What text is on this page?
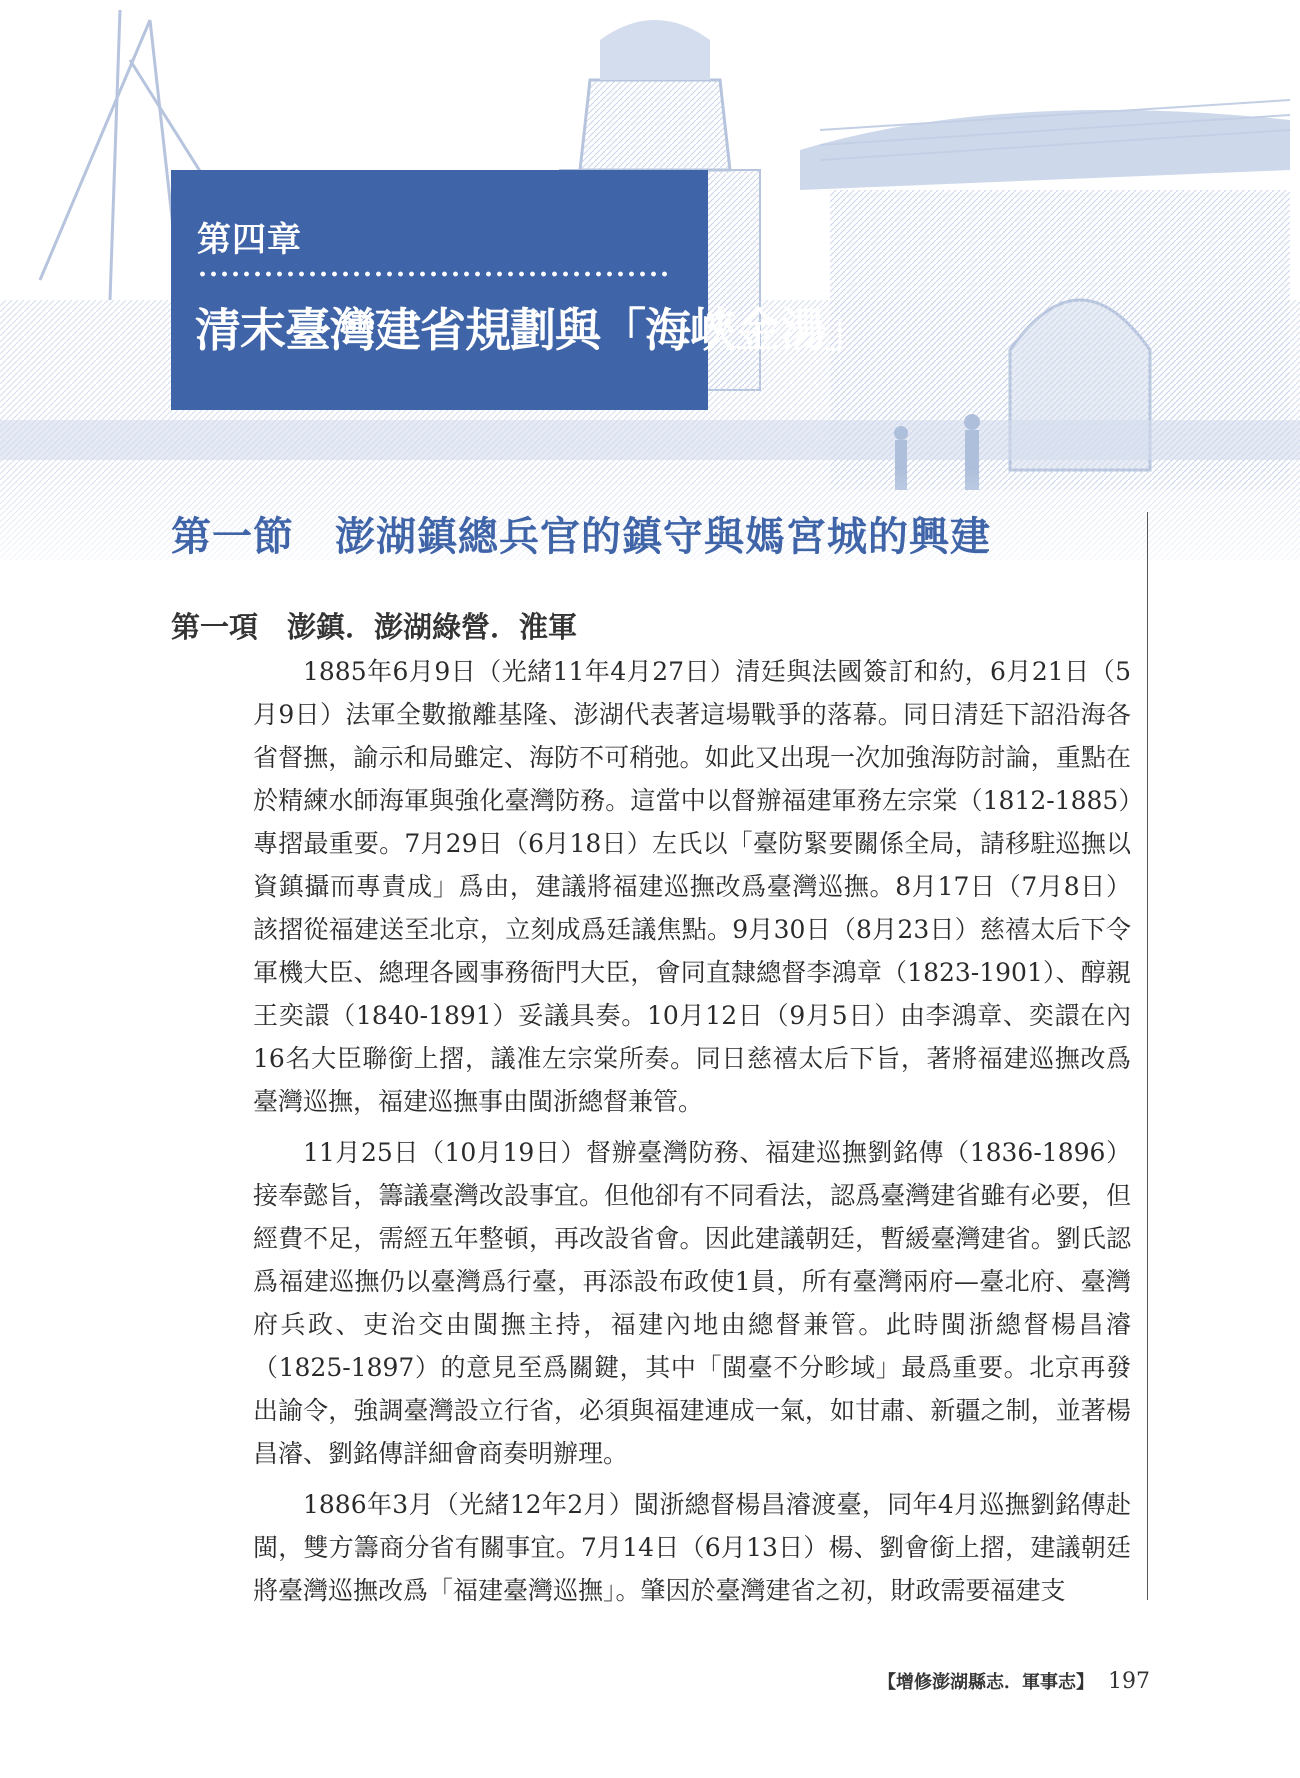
第四章
清末臺灣建省規劃與「海峽金湯」
第一節　澎湖鎮總兵官的鎮守與媽宮城的興建
第一項　澎鎮．澎湖綠營．淮軍

1885年6月9日（光緒11年4月27日）清廷與法國簽訂和約，6月21日（5月9日）法軍全數撤離基隆、澎湖代表著這場戰爭的落幕。同日清廷下詔沿海各省督撫，諭示和局雖定、海防不可稍弛。如此又出現一次加強海防討論，重點在於精練水師海軍與強化臺灣防務。這當中以督辦福建軍務左宗棠（1812-1885）專摺最重要。7月29日（6月18日）左氏以「臺防緊要關係全局，請移駐巡撫以資鎮攝而專責成」爲由，建議將福建巡撫改爲臺灣巡撫。8月17日（7月8日）該摺從福建送至北京，立刻成爲廷議焦點。9月30日（8月23日）慈禧太后下令軍機大臣、總理各國事務衙門大臣，會同直隸總督李鴻章（1823-1901）、醇親王奕譞（1840-1891）妥議具奏。10月12日（9月5日）由李鴻章、奕譞在內16名大臣聯銜上摺，議准左宗棠所奏。同日慈禧太后下旨，著將福建巡撫改爲臺灣巡撫，福建巡撫事由閩浙總督兼管。

11月25日（10月19日）督辦臺灣防務、福建巡撫劉銘傳（1836-1896）接奉懿旨，籌議臺灣改設事宜。但他卻有不同看法，認爲臺灣建省雖有必要，但經費不足，需經五年整頓，再改設省會。因此建議朝廷，暫緩臺灣建省。劉氏認爲福建巡撫仍以臺灣爲行臺，再添設布政使1員，所有臺灣兩府—臺北府、臺灣府兵政、吏治交由閩撫主持，福建內地由總督兼管。此時閩浙總督楊昌濬（1825-1897）的意見至爲關鍵，其中「閩臺不分畛域」最爲重要。北京再發出諭令，強調臺灣設立行省，必須與福建連成一氣，如甘肅、新疆之制，並著楊昌濬、劉銘傳詳細會商奏明辦理。

1886年3月（光緒12年2月）閩浙總督楊昌濬渡臺，同年4月巡撫劉銘傳赴閩，雙方籌商分省有關事宜。7月14日（6月13日）楊、劉會銜上摺，建議朝廷將臺灣巡撫改爲「福建臺灣巡撫」。肇因於臺灣建省之初，財政需要福建支

【增修澎湖縣志．軍事志】 197
